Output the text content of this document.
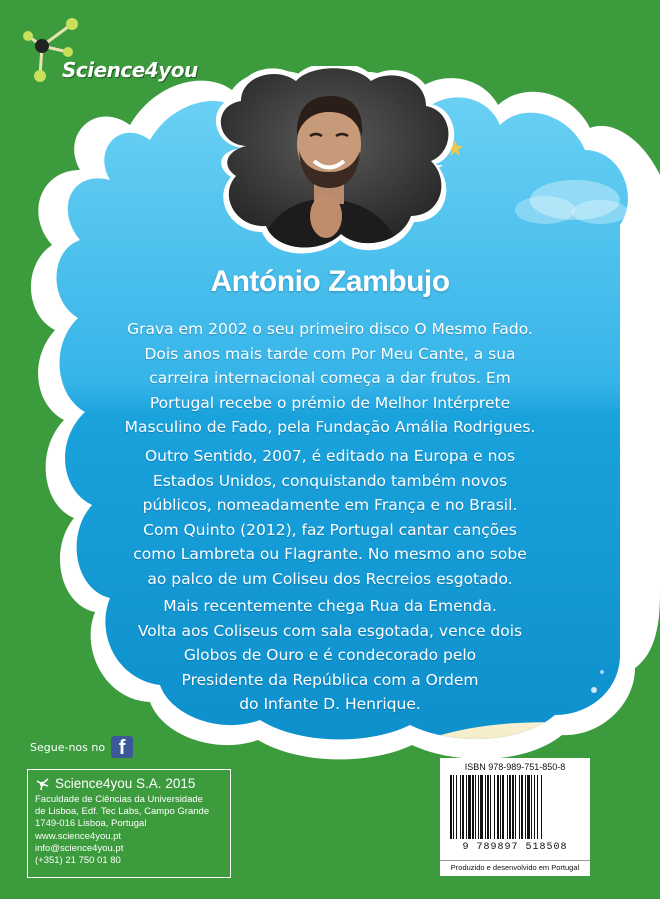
Science4you
António Zambujo
Grava em 2002 o seu primeiro disco O Mesmo Fado.
Dois anos mais tarde com Por Meu Cante, a sua
carreira internacional começa a dar frutos. Em
Portugal recebe o prémio de Melhor Intérprete
Masculino de Fado, pela Fundação Amália Rodrigues.
Outro Sentido, 2007, é editado na Europa e nos
Estados Unidos, conquistando também novos
públicos, nomeadamente em França e no Brasil.
Com Quinto (2012), faz Portugal cantar canções
como Lambreta ou Flagrante. No mesmo ano sobe
ao palco de um Coliseu dos Recreios esgotado.
Mais recentemente chega Rua da Emenda.
Volta aos Coliseus com sala esgotada, vence dois
Globos de Ouro e é condecorado pelo
Presidente da República com a Ordem
do Infante D. Henrique.
Segue-nos no f
Science4you S.A. 2015
Faculdade de Ciências da Universidade
de Lisboa, Edf. Tec Labs, Campo Grande
1749-016 Lisboa, Portugal
www.science4you.pt
info@science4you.pt
(+351) 21 750 01 80
ISBN 978-989-751-850-8
9 789897 518508
Produzido e desenvolvido em Portugal
